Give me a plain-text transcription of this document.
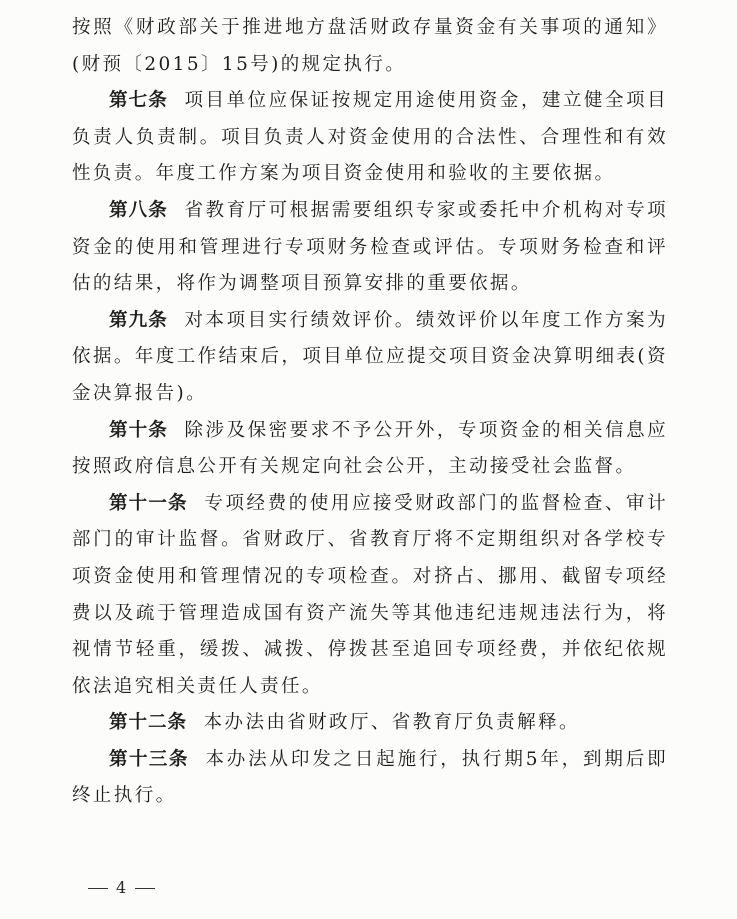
按照《财政部关于推进地方盘活财政存量资金有关事项的通知》(财预〔2015〕15号)的规定执行。

第七条 项目单位应保证按规定用途使用资金，建立健全项目负责人负责制。项目负责人对资金使用的合法性、合理性和有效性负责。年度工作方案为项目资金使用和验收的主要依据。

第八条 省教育厅可根据需要组织专家或委托中介机构对专项资金的使用和管理进行专项财务检查或评估。专项财务检查和评估的结果，将作为调整项目预算安排的重要依据。

第九条 对本项目实行绩效评价。绩效评价以年度工作方案为依据。年度工作结束后，项目单位应提交项目资金决算明细表(资金决算报告)。

第十条 除涉及保密要求不予公开外，专项资金的相关信息应按照政府信息公开有关规定向社会公开，主动接受社会监督。

第十一条 专项经费的使用应接受财政部门的监督检查、审计部门的审计监督。省财政厅、省教育厅将不定期组织对各学校专项资金使用和管理情况的专项检查。对挤占、挪用、截留专项经费以及疏于管理造成国有资产流失等其他违纪违规违法行为，将视情节轻重，缓拨、减拨、停拨甚至追回专项经费，并依纪依规依法追究相关责任人责任。

第十二条 本办法由省财政厅、省教育厅负责解释。

第十三条 本办法从印发之日起施行，执行期5年，到期后即终止执行。

4
